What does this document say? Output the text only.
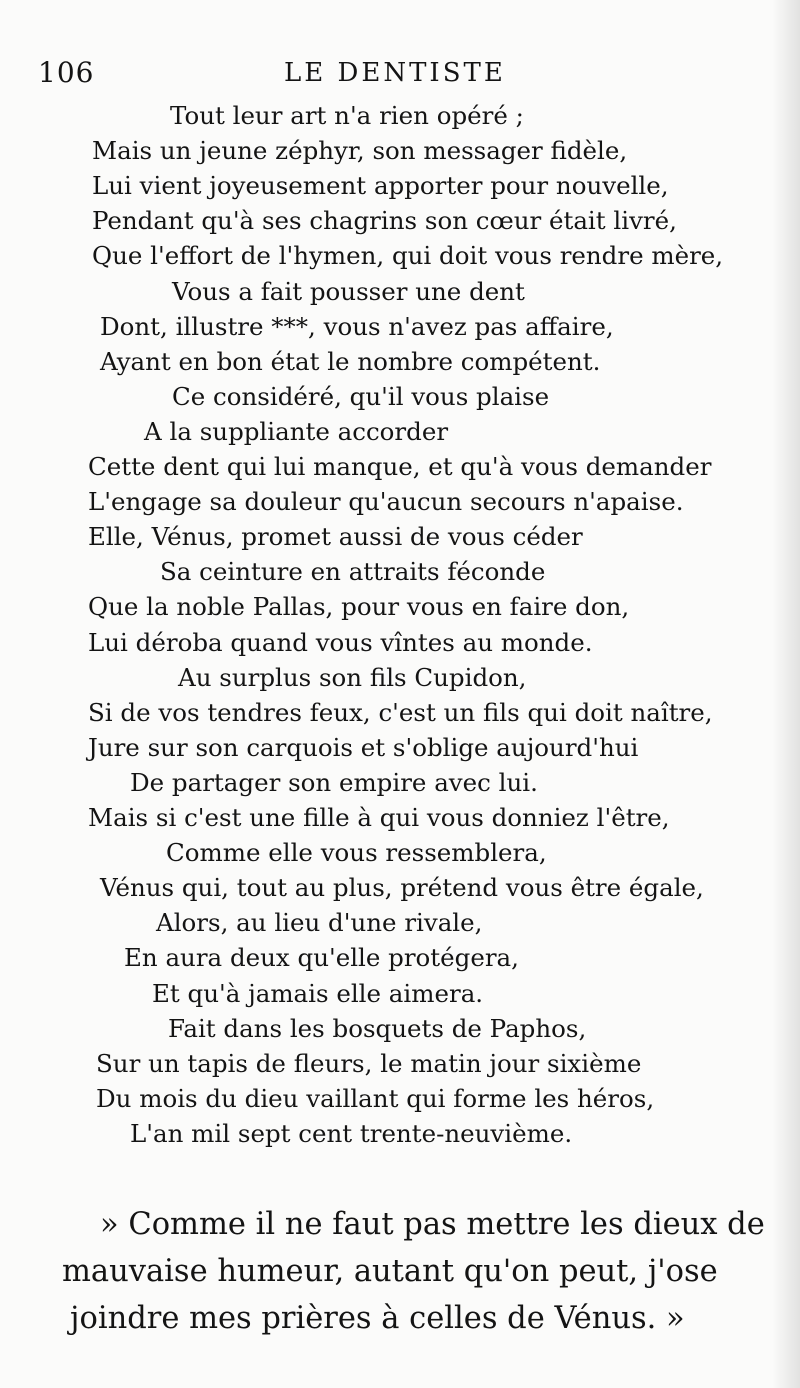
106	LE DENTISTE
Tout leur art n'a rien opéré ;
Mais un jeune zéphyr, son messager fidèle,
Lui vient joyeusement apporter pour nouvelle,
Pendant qu'à ses chagrins son cœur était livré,
Que l'effort de l'hymen, qui doit vous rendre mère,
Vous a fait pousser une dent
Dont, illustre ***, vous n'avez pas affaire,
Ayant en bon état le nombre compétent.
Ce considéré, qu'il vous plaise
A la suppliante accorder
Cette dent qui lui manque, et qu'à vous demander
L'engage sa douleur qu'aucun secours n'apaise.
Elle, Vénus, promet aussi de vous céder
Sa ceinture en attraits féconde
Que la noble Pallas, pour vous en faire don,
Lui déroba quand vous vîntes au monde.
Au surplus son fils Cupidon,
Si de vos tendres feux, c'est un fils qui doit naître,
Jure sur son carquois et s'oblige aujourd'hui
De partager son empire avec lui.
Mais si c'est une fille à qui vous donniez l'être,
Comme elle vous ressemblera,
Vénus qui, tout au plus, prétend vous être égale,
Alors, au lieu d'une rivale,
En aura deux qu'elle protégera,
Et qu'à jamais elle aimera.
Fait dans les bosquets de Paphos,
Sur un tapis de fleurs, le matin jour sixième
Du mois du dieu vaillant qui forme les héros,
L'an mil sept cent trente-neuvième.
» Comme il ne faut pas mettre les dieux de
mauvaise humeur, autant qu'on peut, j'ose
joindre mes prières à celles de Vénus. »
